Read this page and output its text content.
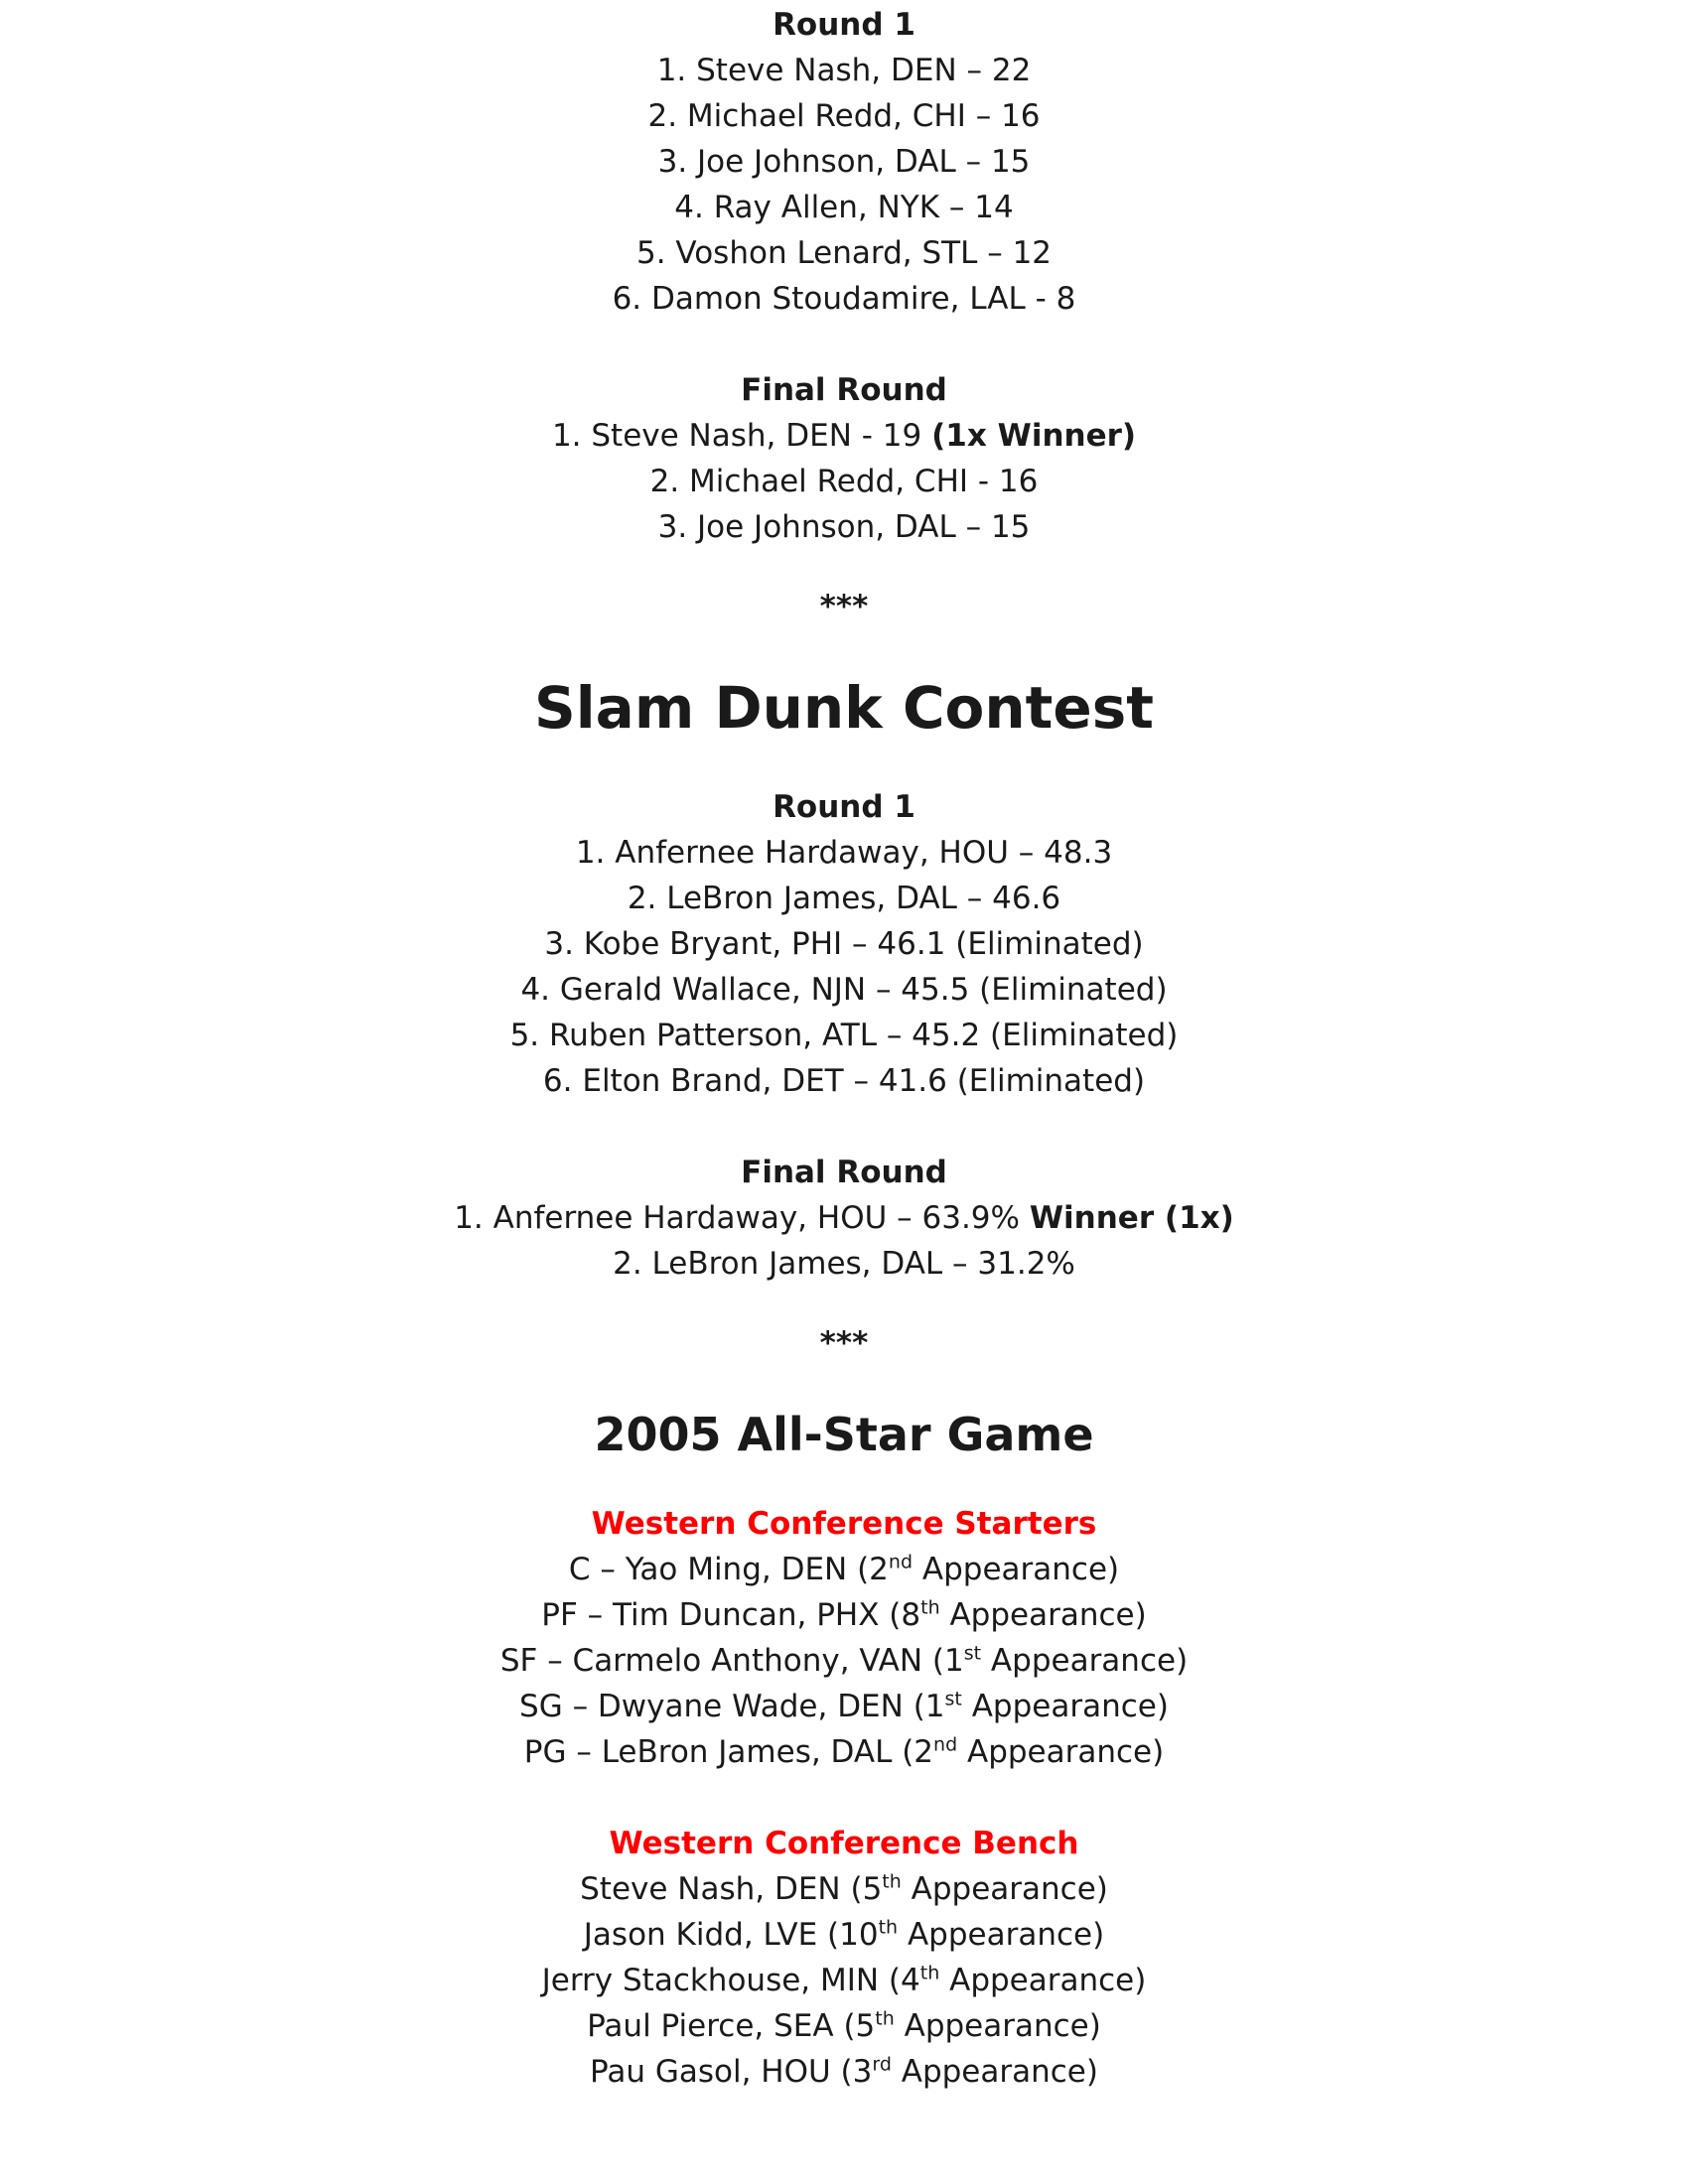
Round 1
1. Steve Nash, DEN – 22
2. Michael Redd, CHI – 16
3. Joe Johnson, DAL – 15
4. Ray Allen, NYK – 14
5. Voshon Lenard, STL – 12
6. Damon Stoudamire, LAL - 8
Final Round
1. Steve Nash, DEN - 19 (1x Winner)
2. Michael Redd, CHI - 16
3. Joe Johnson, DAL – 15
***
Slam Dunk Contest
Round 1
1. Anfernee Hardaway, HOU – 48.3
2. LeBron James, DAL – 46.6
3. Kobe Bryant, PHI – 46.1 (Eliminated)
4. Gerald Wallace, NJN – 45.5 (Eliminated)
5. Ruben Patterson, ATL – 45.2 (Eliminated)
6. Elton Brand, DET – 41.6 (Eliminated)
Final Round
1. Anfernee Hardaway, HOU – 63.9% Winner (1x)
2. LeBron James, DAL – 31.2%
***
2005 All-Star Game
Western Conference Starters
C – Yao Ming, DEN (2nd Appearance)
PF – Tim Duncan, PHX (8th Appearance)
SF – Carmelo Anthony, VAN (1st Appearance)
SG – Dwyane Wade, DEN (1st Appearance)
PG – LeBron James, DAL (2nd Appearance)
Western Conference Bench
Steve Nash, DEN (5th Appearance)
Jason Kidd, LVE (10th Appearance)
Jerry Stackhouse, MIN (4th Appearance)
Paul Pierce, SEA (5th Appearance)
Pau Gasol, HOU (3rd Appearance)
